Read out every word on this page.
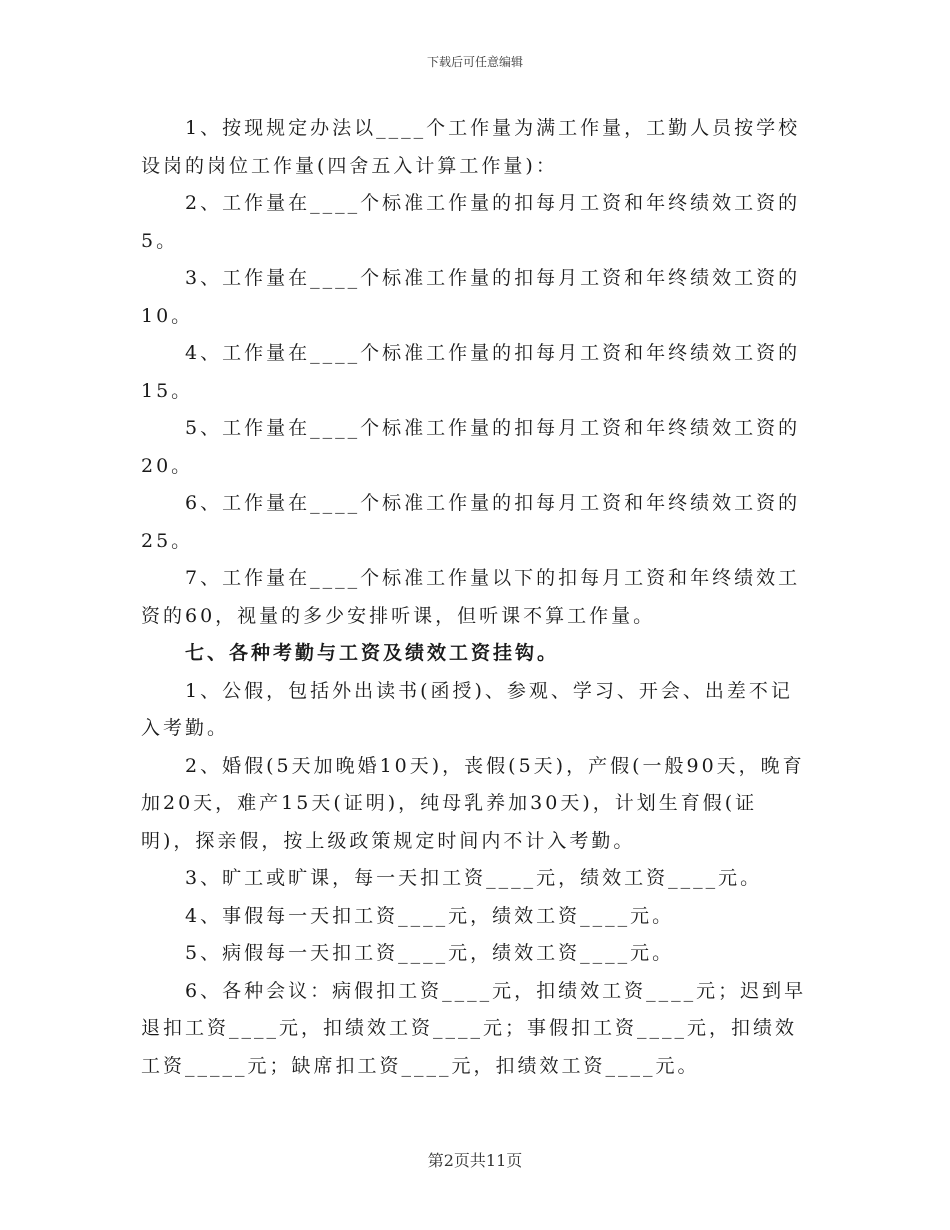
下载后可任意编辑

1、按现规定办法以____个工作量为满工作量，工勤人员按学校设岗的岗位工作量(四舍五入计算工作量)：

2、工作量在____个标准工作量的扣每月工资和年终绩效工资的5。

3、工作量在____个标准工作量的扣每月工资和年终绩效工资的10。

4、工作量在____个标准工作量的扣每月工资和年终绩效工资的15。

5、工作量在____个标准工作量的扣每月工资和年终绩效工资的20。

6、工作量在____个标准工作量的扣每月工资和年终绩效工资的25。

7、工作量在____个标准工作量以下的扣每月工资和年终绩效工资的60，视量的多少安排听课，但听课不算工作量。

七、各种考勤与工资及绩效工资挂钩。

1、公假，包括外出读书(函授)、参观、学习、开会、出差不记入考勤。

2、婚假(5天加晚婚10天)，丧假(5天)，产假(一般90天，晚育加20天，难产15天(证明)，纯母乳养加30天)，计划生育假(证明)，探亲假，按上级政策规定时间内不计入考勤。

3、旷工或旷课，每一天扣工资____元，绩效工资____元。

4、事假每一天扣工资____元，绩效工资____元。

5、病假每一天扣工资____元，绩效工资____元。

6、各种会议：病假扣工资____元，扣绩效工资____元；迟到早退扣工资____元，扣绩效工资____元；事假扣工资____元，扣绩效工资_____元；缺席扣工资____元，扣绩效工资____元。

第2页共11页
